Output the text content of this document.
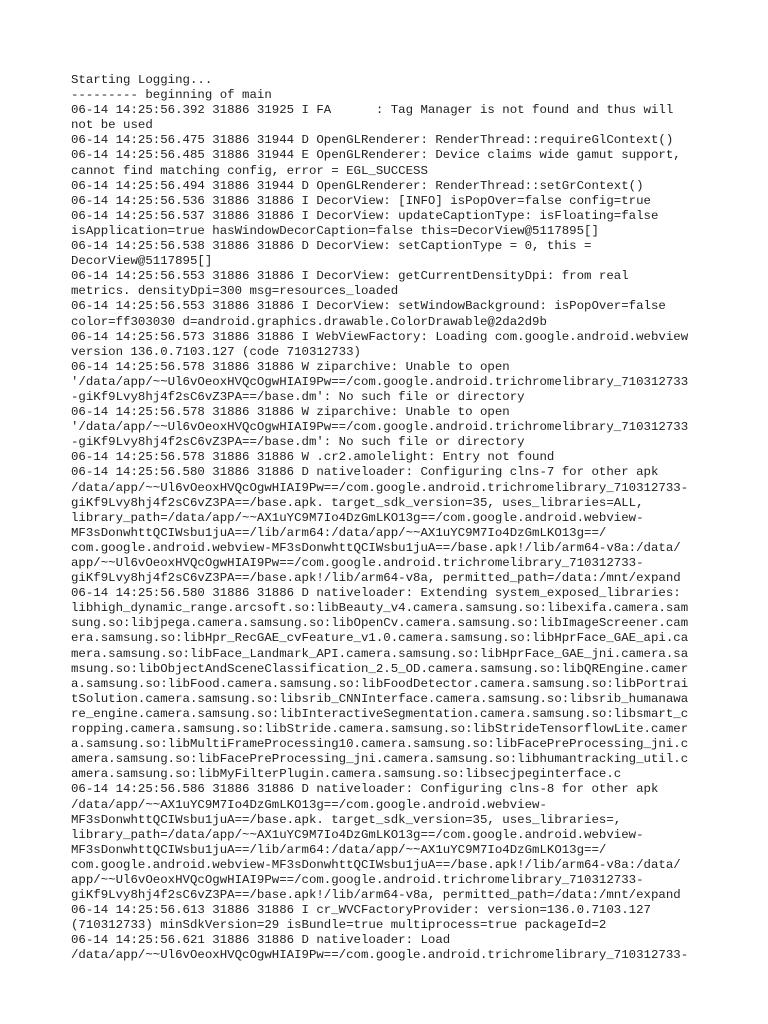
Starting Logging...
--------- beginning of main
06-14 14:25:56.392 31886 31925 I FA      : Tag Manager is not found and thus will
not be used
06-14 14:25:56.475 31886 31944 D OpenGLRenderer: RenderThread::requireGlContext()
06-14 14:25:56.485 31886 31944 E OpenGLRenderer: Device claims wide gamut support,
cannot find matching config, error = EGL_SUCCESS
06-14 14:25:56.494 31886 31944 D OpenGLRenderer: RenderThread::setGrContext()
06-14 14:25:56.536 31886 31886 I DecorView: [INFO] isPopOver=false config=true
06-14 14:25:56.537 31886 31886 I DecorView: updateCaptionType: isFloating=false
isApplication=true hasWindowDecorCaption=false this=DecorView@5117895[]
06-14 14:25:56.538 31886 31886 D DecorView: setCaptionType = 0, this =
DecorView@5117895[]
06-14 14:25:56.553 31886 31886 I DecorView: getCurrentDensityDpi: from real
metrics. densityDpi=300 msg=resources_loaded
06-14 14:25:56.553 31886 31886 I DecorView: setWindowBackground: isPopOver=false
color=ff303030 d=android.graphics.drawable.ColorDrawable@2da2d9b
06-14 14:25:56.573 31886 31886 I WebViewFactory: Loading com.google.android.webview
version 136.0.7103.127 (code 710312733)
06-14 14:25:56.578 31886 31886 W ziparchive: Unable to open
'/data/app/~~Ul6vOeoxHVQcOgwHIAI9Pw==/com.google.android.trichromelibrary_710312733
-giKf9Lvy8hj4f2sC6vZ3PA==/base.dm': No such file or directory
06-14 14:25:56.578 31886 31886 W ziparchive: Unable to open
'/data/app/~~Ul6vOeoxHVQcOgwHIAI9Pw==/com.google.android.trichromelibrary_710312733
-giKf9Lvy8hj4f2sC6vZ3PA==/base.dm': No such file or directory
06-14 14:25:56.578 31886 31886 W .cr2.amolelight: Entry not found
06-14 14:25:56.580 31886 31886 D nativeloader: Configuring clns-7 for other apk
/data/app/~~Ul6vOeoxHVQcOgwHIAI9Pw==/com.google.android.trichromelibrary_710312733-
giKf9Lvy8hj4f2sC6vZ3PA==/base.apk. target_sdk_version=35, uses_libraries=ALL,
library_path=/data/app/~~AX1uYC9M7Io4DzGmLKO13g==/com.google.android.webview-
MF3sDonwhttQCIWsbu1juA==/lib/arm64:/data/app/~~AX1uYC9M7Io4DzGmLKO13g==/
com.google.android.webview-MF3sDonwhttQCIWsbu1juA==/base.apk!/lib/arm64-v8a:/data/
app/~~Ul6vOeoxHVQcOgwHIAI9Pw==/com.google.android.trichromelibrary_710312733-
giKf9Lvy8hj4f2sC6vZ3PA==/base.apk!/lib/arm64-v8a, permitted_path=/data:/mnt/expand
06-14 14:25:56.580 31886 31886 D nativeloader: Extending system_exposed_libraries:
libhigh_dynamic_range.arcsoft.so:libBeauty_v4.camera.samsung.so:libexifa.camera.sam
sung.so:libjpega.camera.samsung.so:libOpenCv.camera.samsung.so:libImageScreener.cam
era.samsung.so:libHpr_RecGAE_cvFeature_v1.0.camera.samsung.so:libHprFace_GAE_api.ca
mera.samsung.so:libFace_Landmark_API.camera.samsung.so:libHprFace_GAE_jni.camera.sa
msung.so:libObjectAndSceneClassification_2.5_OD.camera.samsung.so:libQREngine.camer
a.samsung.so:libFood.camera.samsung.so:libFoodDetector.camera.samsung.so:libPortrai
tSolution.camera.samsung.so:libsrib_CNNInterface.camera.samsung.so:libsrib_humanawa
re_engine.camera.samsung.so:libInteractiveSegmentation.camera.samsung.so:libsmart_c
ropping.camera.samsung.so:libStride.camera.samsung.so:libStrideTensorflowLite.camer
a.samsung.so:libMultiFrameProcessing10.camera.samsung.so:libFacePreProcessing_jni.c
amera.samsung.so:libFacePreProcessing_jni.camera.samsung.so:libhumantracking_util.c
amera.samsung.so:libMyFilterPlugin.camera.samsung.so:libsecjpeginterface.c
06-14 14:25:56.586 31886 31886 D nativeloader: Configuring clns-8 for other apk
/data/app/~~AX1uYC9M7Io4DzGmLKO13g==/com.google.android.webview-
MF3sDonwhttQCIWsbu1juA==/base.apk. target_sdk_version=35, uses_libraries=,
library_path=/data/app/~~AX1uYC9M7Io4DzGmLKO13g==/com.google.android.webview-
MF3sDonwhttQCIWsbu1juA==/lib/arm64:/data/app/~~AX1uYC9M7Io4DzGmLKO13g==/
com.google.android.webview-MF3sDonwhttQCIWsbu1juA==/base.apk!/lib/arm64-v8a:/data/
app/~~Ul6vOeoxHVQcOgwHIAI9Pw==/com.google.android.trichromelibrary_710312733-
giKf9Lvy8hj4f2sC6vZ3PA==/base.apk!/lib/arm64-v8a, permitted_path=/data:/mnt/expand
06-14 14:25:56.613 31886 31886 I cr_WVCFactoryProvider: version=136.0.7103.127
(710312733) minSdkVersion=29 isBundle=true multiprocess=true packageId=2
06-14 14:25:56.621 31886 31886 D nativeloader: Load
/data/app/~~Ul6vOeoxHVQcOgwHIAI9Pw==/com.google.android.trichromelibrary_710312733-
